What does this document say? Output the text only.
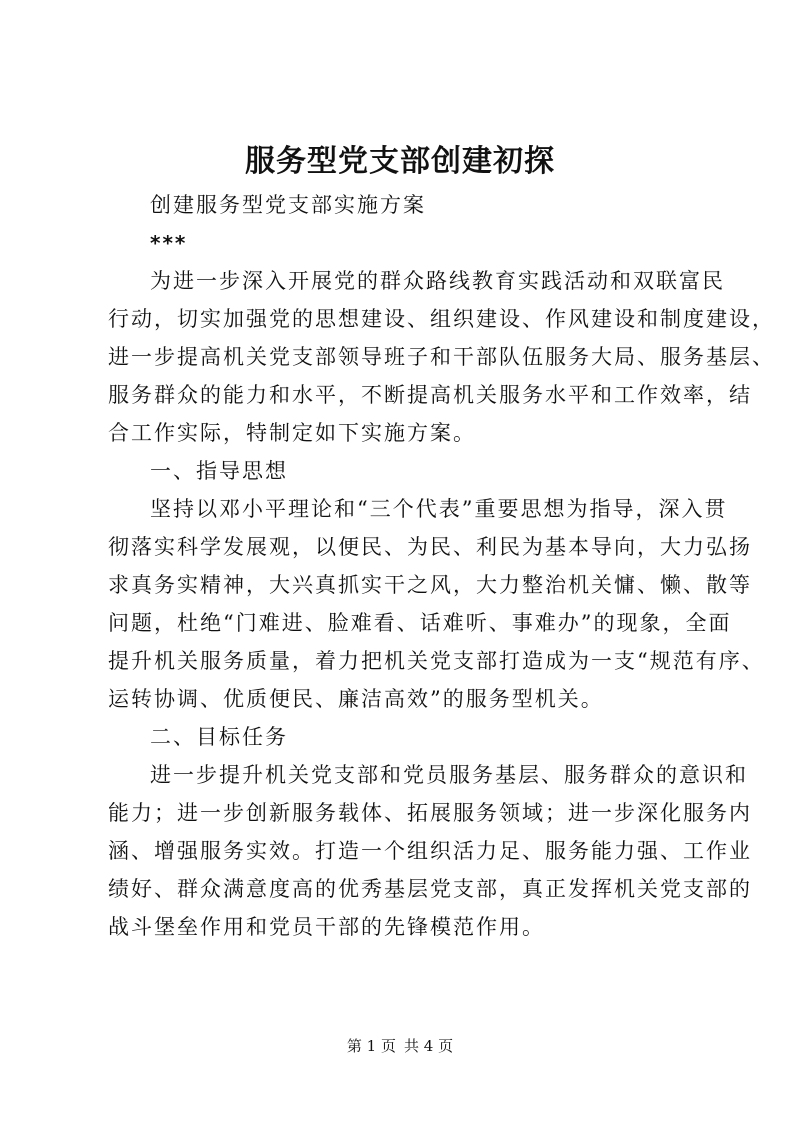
服务型党支部创建初探
创建服务型党支部实施方案
***
为进一步深入开展党的群众路线教育实践活动和双联富民
行动，切实加强党的思想建设、组织建设、作风建设和制度建设，
进一步提高机关党支部领导班子和干部队伍服务大局、服务基层、
服务群众的能力和水平，不断提高机关服务水平和工作效率，结
合工作实际，特制定如下实施方案。
一、指导思想
坚持以邓小平理论和“三个代表”重要思想为指导，深入贯
彻落实科学发展观，以便民、为民、利民为基本导向，大力弘扬
求真务实精神，大兴真抓实干之风，大力整治机关慵、懒、散等
问题，杜绝“门难进、脸难看、话难听、事难办”的现象，全面
提升机关服务质量，着力把机关党支部打造成为一支“规范有序、
运转协调、优质便民、廉洁高效”的服务型机关。
二、目标任务
进一步提升机关党支部和党员服务基层、服务群众的意识和
能力；进一步创新服务载体、拓展服务领域；进一步深化服务内
涵、增强服务实效。打造一个组织活力足、服务能力强、工作业
绩好、群众满意度高的优秀基层党支部，真正发挥机关党支部的
战斗堡垒作用和党员干部的先锋模范作用。
第 1 页 共 4 页
